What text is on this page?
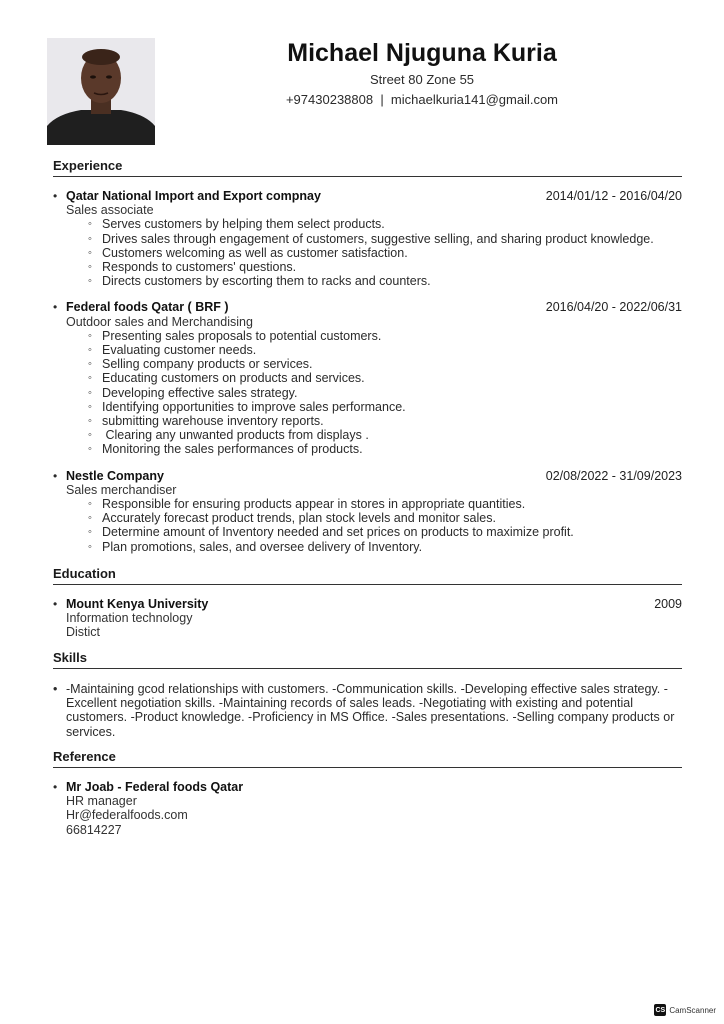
Michael Njuguna Kuria
Street 80 Zone 55
+97430238808  |  michaelkuria141@gmail.com
Experience
• Qatar National Import and Export compnay	2014/01/12 - 2016/04/20
Sales associate
◦ Serves customers by helping them select products.
◦ Drives sales through engagement of customers, suggestive selling, and sharing product knowledge.
◦ Customers welcoming as well as customer satisfaction.
◦ Responds to customers' questions.
◦ Directs customers by escorting them to racks and counters.
• Federal foods Qatar ( BRF )	2016/04/20 - 2022/06/31
Outdoor sales and Merchandising
◦ Presenting sales proposals to potential customers.
◦ Evaluating customer needs.
◦ Selling company products or services.
◦ Educating customers on products and services.
◦ Developing effective sales strategy.
◦ Identifying opportunities to improve sales performance.
◦ submitting warehouse inventory reports.
◦  Clearing any unwanted products from displays .
◦ Monitoring the sales performances of products.
• Nestle Company	02/08/2022 - 31/09/2023
Sales merchandiser
◦ Responsible for ensuring products appear in stores in appropriate quantities.
◦ Accurately forecast product trends, plan stock levels and monitor sales.
◦ Determine amount of Inventory needed and set prices on products to maximize profit.
◦ Plan promotions, sales, and oversee delivery of Inventory.
Education
• Mount Kenya University	2009
Information technology
Distict
Skills
• -Maintaining gcod relationships with customers. -Communication skills. -Developing effective sales strategy. -Excellent negotiation skills. -Maintaining records of sales leads. -Negotiating with existing and potential customers. -Product knowledge. -Proficiency in MS Office. -Sales presentations. -Selling company products or services.
Reference
• Mr Joab - Federal foods Qatar
HR manager
Hr@federalfoods.com
66814227
CS CamScanner
